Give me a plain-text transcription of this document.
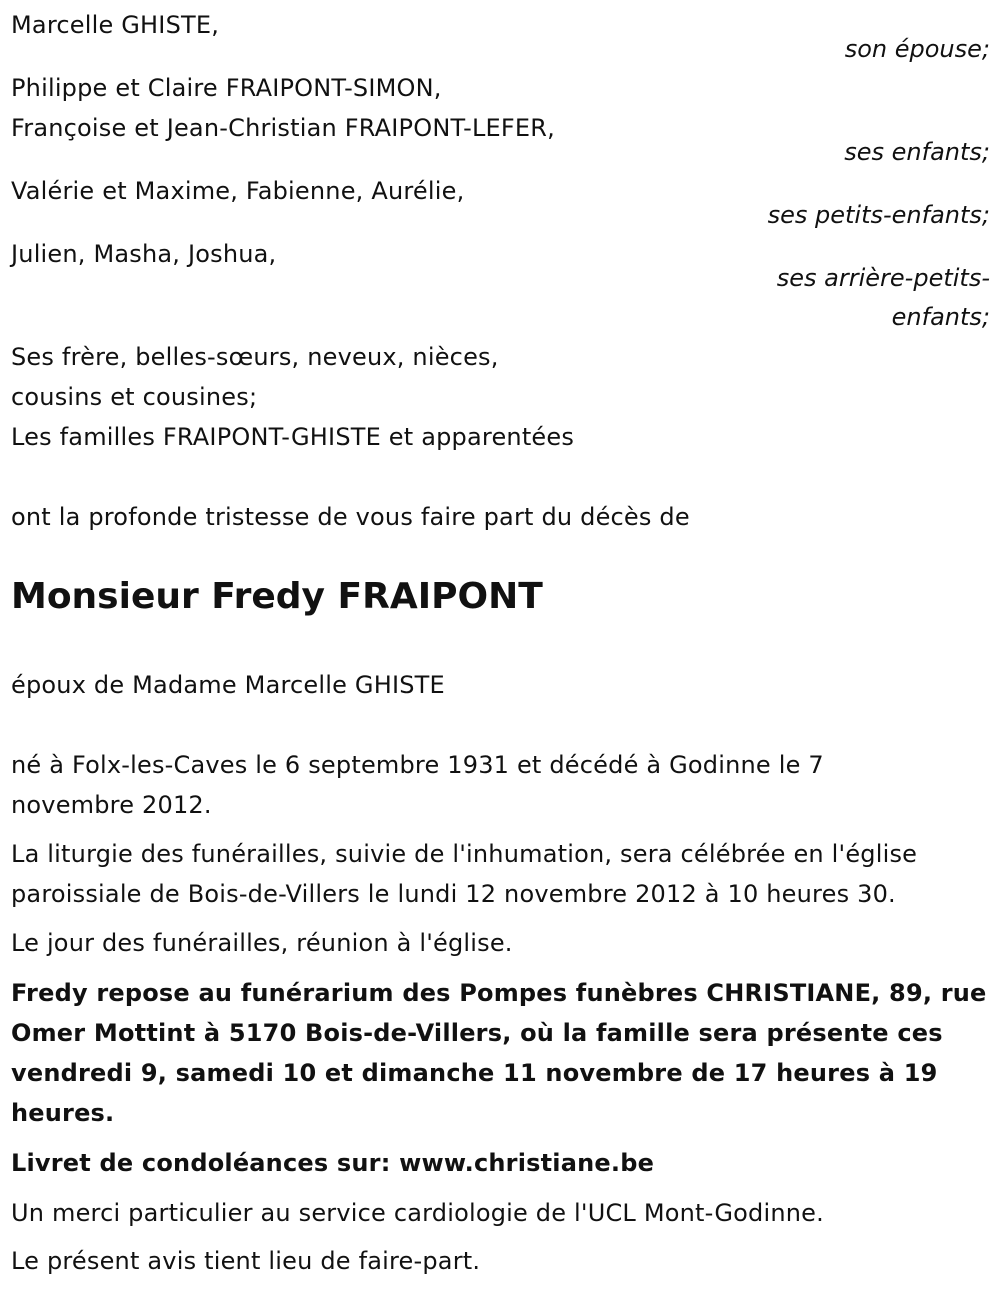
Marcelle GHISTE,
son épouse;
Philippe et Claire FRAIPONT-SIMON,
Françoise et Jean-Christian FRAIPONT-LEFER,
ses enfants;
Valérie et Maxime, Fabienne, Aurélie,
ses petits-enfants;
Julien, Masha, Joshua,
ses arrière-petits-
enfants;
Ses frère, belles-sœurs, neveux, nièces,
cousins et cousines;
Les familles FRAIPONT-GHISTE et apparentées
ont la profonde tristesse de vous faire part du décès de
Monsieur Fredy FRAIPONT
époux de Madame Marcelle GHISTE
né à Folx-les-Caves le 6 septembre 1931 et décédé à Godinne le 7
novembre 2012.
La liturgie des funérailles, suivie de l'inhumation, sera célébrée en l'église
paroissiale de Bois-de-Villers le lundi 12 novembre 2012 à 10 heures 30.
Le jour des funérailles, réunion à l'église.
Fredy repose au funérarium des Pompes funèbres CHRISTIANE, 89, rue
Omer Mottint à 5170 Bois-de-Villers, où la famille sera présente ces
vendredi 9, samedi 10 et dimanche 11 novembre de 17 heures à 19
heures.
Livret de condoléances sur: www.christiane.be
Un merci particulier au service cardiologie de l'UCL Mont-Godinne.
Le présent avis tient lieu de faire-part.
